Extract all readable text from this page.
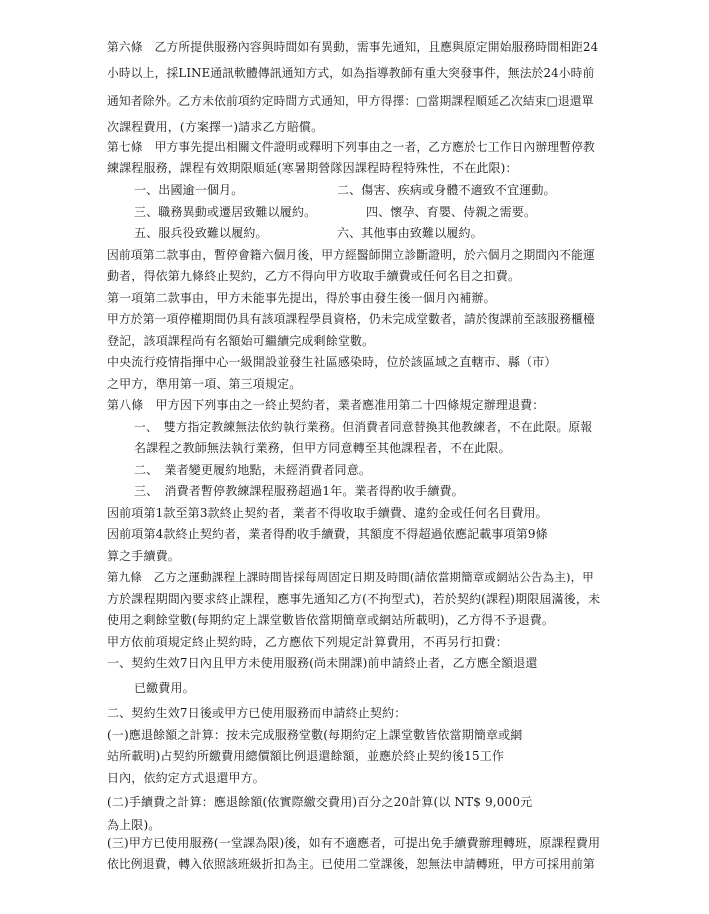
第六條　乙方所提供服務內容與時間如有異動，需事先通知，且應與原定開始服務時間相距24
小時以上，採LINE通訊軟體傳訊通知方式，如為指導教師有重大突發事件，無法於24小時前
通知者除外。乙方未依前項約定時間方式通知，甲方得擇：□當期課程順延乙次結束□退還單
次課程費用，(方案擇一)請求乙方賠償。
第七條　甲方事先提出相關文件證明或釋明下列事由之一者，乙方應於七工作日內辦理暫停教
練課程服務，課程有效期限順延(寒暑期營隊因課程時程特殊性，不在此限)：
一、出國逾一個月。	二、傷害、疾病或身體不適致不宜運動。
三、職務異動或遷居致難以履約。	四、懷孕、育嬰、侍親之需要。
五、服兵役致難以履約。	六、其他事由致難以履約。
因前項第二款事由，暫停會籍六個月後，甲方經醫師開立診斷證明，於六個月之期間內不能運
動者，得依第九條終止契約，乙方不得向甲方收取手續費或任何名目之扣費。
第一項第二款事由，甲方未能事先提出，得於事由發生後一個月內補辦。
甲方於第一項停權期間仍具有該項課程學員資格，仍未完成堂數者，請於復課前至該服務櫃檯
登記，該項課程尚有名額始可繼續完成剩餘堂數。
中央流行疫情指揮中心一級開設並發生社區感染時，位於該區域之直轄市、縣（市）
之甲方，準用第一項、第三項規定。
第八條　甲方因下列事由之一終止契約者，業者應准用第二十四條規定辦理退費：
一、　雙方指定教練無法依約執行業務。但消費者同意替換其他教練者，不在此限。原報
名課程之教師無法執行業務，但甲方同意轉至其他課程者，不在此限。
二、　業者變更履約地點，未經消費者同意。
三、　消費者暫停教練課程服務超過1年。業者得酌收手續費。
因前項第1款至第3款終止契約者，業者不得收取手續費、違約金或任何名目費用。
因前項第4款終止契約者，業者得酌收手續費，其額度不得超過依應記載事項第9條
算之手續費。
第九條　乙方之運動課程上課時間皆採每周固定日期及時間(請依當期簡章或網站公告為主)，甲
方於課程期間內要求終止課程，應事先通知乙方(不拘型式)，若於契約(課程)期限屆滿後，未
使用之剩餘堂數(每期約定上課堂數皆依當期簡章或網站所載明)，乙方得不予退費。
甲方依前項規定終止契約時，乙方應依下列規定計算費用，不再另行扣費：
一、契約生效7日內且甲方未使用服務(尚未開課)前申請終止者，乙方應全額退還
已繳費用。
二、契約生效7日後或甲方已使用服務而申請終止契約：
(一)應退餘額之計算：按未完成服務堂數(每期約定上課堂數皆依當期簡章或網
站所載明)占契約所繳費用總價額比例退還餘額，並應於終止契約後15工作
日內，依約定方式退還甲方。
(二)手續費之計算：應退餘額(依實際繳交費用)百分之20計算(以 NT$ 9,000元
為上限)。
(三)甲方已使用服務(一堂課為限)後，如有不適應者，可提出免手續費辦理轉班，原課程費用
依比例退費，轉入依照該班級折扣為主。已使用二堂課後，恕無法申請轉班，甲方可採用前第
